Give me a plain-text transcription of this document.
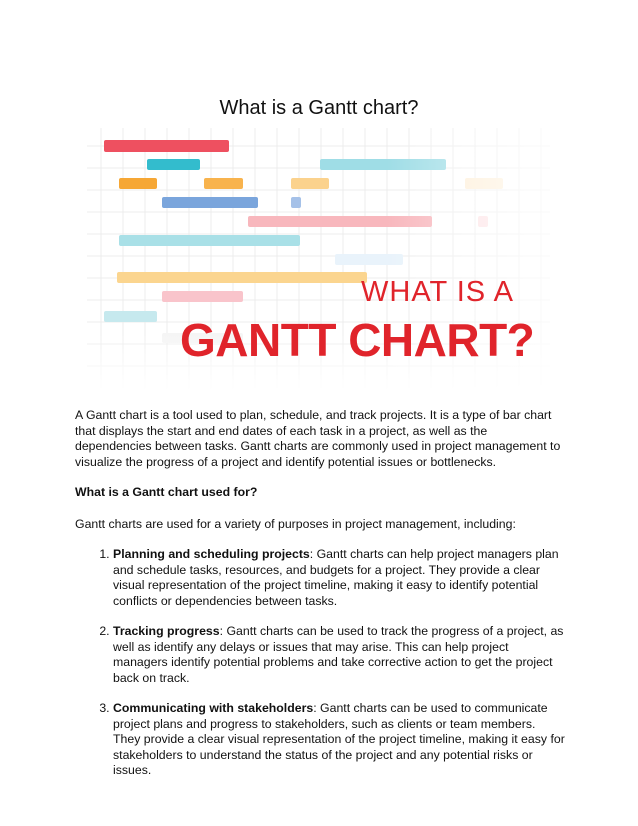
What is a Gantt chart?
WHAT IS A
GANTT CHART?

A Gantt chart is a tool used to plan, schedule, and track projects. It is a type of bar chart that displays the start and end dates of each task in a project, as well as the dependencies between tasks. Gantt charts are commonly used in project management to visualize the progress of a project and identify potential issues or bottlenecks.

What is a Gantt chart used for?

Gantt charts are used for a variety of purposes in project management, including:

1. Planning and scheduling projects: Gantt charts can help project managers plan and schedule tasks, resources, and budgets for a project. They provide a clear visual representation of the project timeline, making it easy to identify potential conflicts or dependencies between tasks.
2. Tracking progress: Gantt charts can be used to track the progress of a project, as well as identify any delays or issues that may arise. This can help project managers identify potential problems and take corrective action to get the project back on track.
3. Communicating with stakeholders: Gantt charts can be used to communicate project plans and progress to stakeholders, such as clients or team members. They provide a clear visual representation of the project timeline, making it easy for stakeholders to understand the status of the project and any potential risks or issues.
